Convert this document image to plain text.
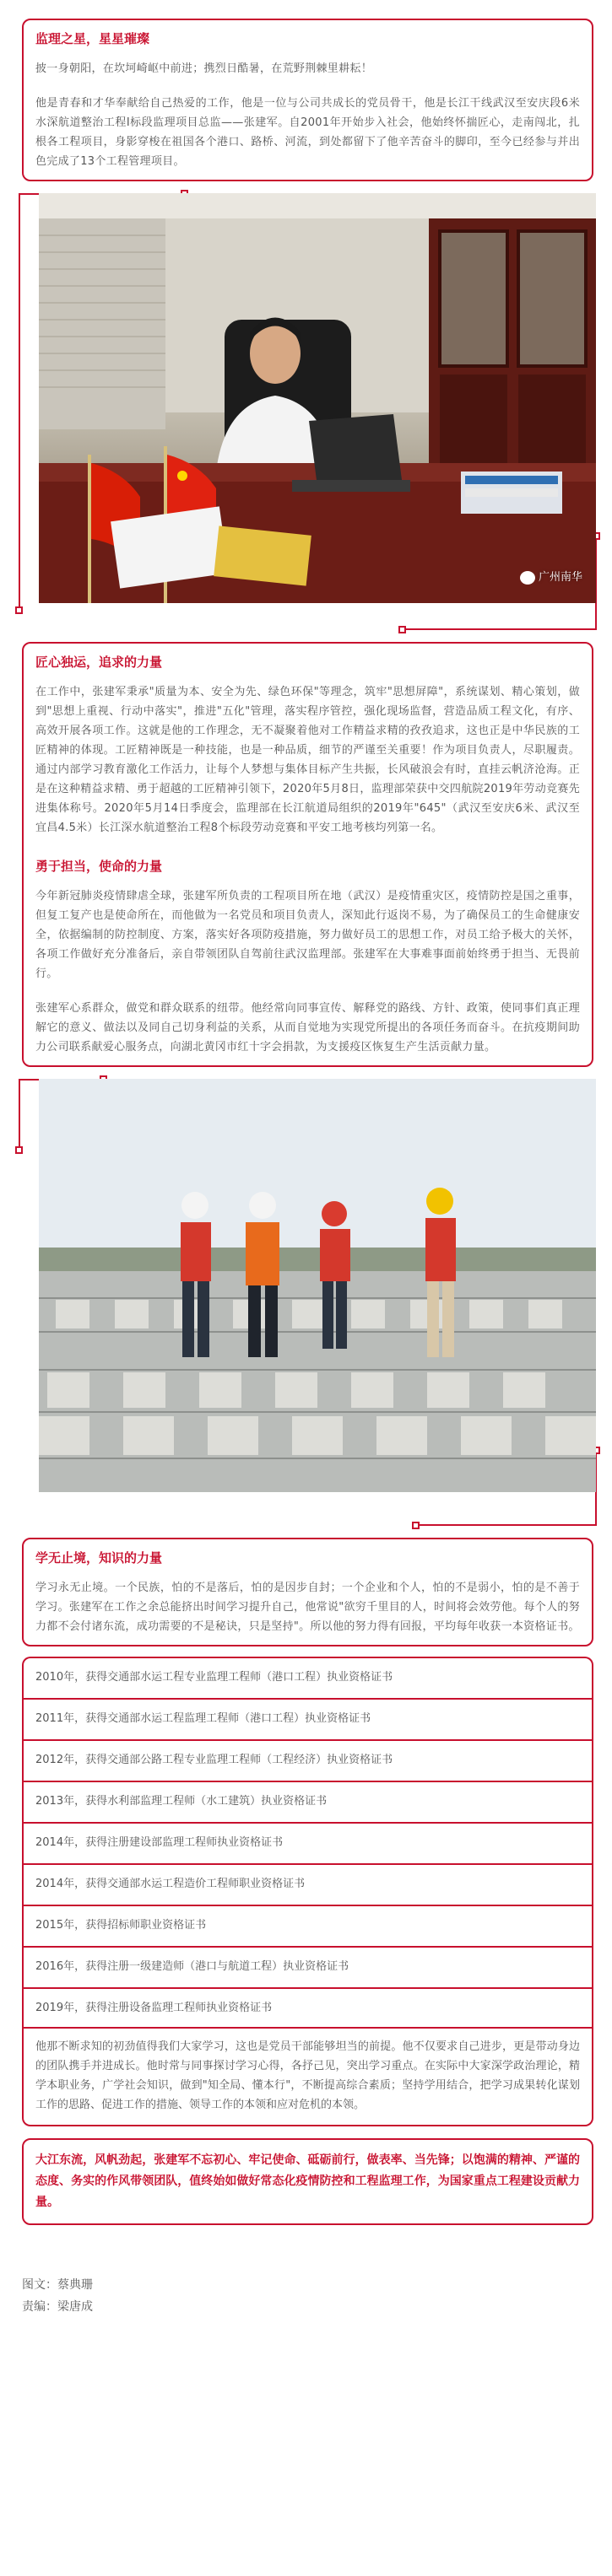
监理之星，星星璀璨

披一身朝阳，在坎坷崎岖中前进；携烈日酷暑，在荒野荆棘里耕耘！

他是青春和才华奉献给自己热爱的工作，他是一位与公司共成长的党员骨干，他是长江干线武汉至安庆段6米水深航道整治工程Ⅰ标段监理项目总监——张建军。自2001年开始步入社会，他始终怀揣匠心，走南闯北，扎根各工程项目，身影穿梭在祖国各个港口、路桥、河流，到处都留下了他辛苦奋斗的脚印，至今已经参与并出色完成了13个工程管理项目。

广州南华
匠心独运，追求的力量

在工作中，张建军秉承"质量为本、安全为先、绿色环保"等理念，筑牢"思想屏障"，系统谋划、精心策划，做到"思想上重视、行动中落实"，推进"五化"管理，落实程序管控，强化现场监督，营造品质工程文化，有序、高效开展各项工作。这就是他的工作理念，无不凝聚着他对工作精益求精的孜孜追求，这也正是中华民族的工匠精神的体现。工匠精神既是一种技能，也是一种品质，细节的严谨至关重要！作为项目负责人，尽职履责。通过内部学习教育激化工作活力，让每个人梦想与集体目标产生共振，长风破浪会有时，直挂云帆济沧海。正是在这种精益求精、勇于超越的工匠精神引领下，2020年5月8日，监理部荣获中交四航院2019年劳动竞赛先进集体称号。2020年5月14日季度会，监理部在长江航道局组织的2019年"645"（武汉至安庆6米、武汉至宜昌4.5米）长江深水航道整治工程8个标段劳动竞赛和平安工地考核均列第一名。

勇于担当，使命的力量

今年新冠肺炎疫情肆虐全球，张建军所负责的工程项目所在地（武汉）是疫情重灾区，疫情防控是国之重事，但复工复产也是使命所在，而他做为一名党员和项目负责人，深知此行返岗不易，为了确保员工的生命健康安全，依据编制的防控制度、方案，落实好各项防疫措施，努力做好员工的思想工作，对员工给予极大的关怀，各项工作做好充分准备后，亲自带领团队自驾前往武汉监理部。张建军在大事难事面前始终勇于担当、无畏前行。

张建军心系群众，做党和群众联系的纽带。他经常向同事宣传、解释党的路线、方针、政策，使同事们真正理解它的意义、做法以及同自己切身利益的关系，从而自觉地为实现党所提出的各项任务而奋斗。在抗疫期间助力公司联系献爱心服务点，向湖北黄冈市红十字会捐款，为支援疫区恢复生产生活贡献力量。

学无止境，知识的力量

学习永无止境。一个民族，怕的不是落后，怕的是因步自封；一个企业和个人，怕的不是弱小，怕的是不善于学习。张建军在工作之余总能挤出时间学习提升自己，他常说"欲穷千里目的人，时间将会效劳他。每个人的努力都不会付诸东流，成功需要的不是秘诀，只是坚持"。所以他的努力得有回报，平均每年收获一本资格证书。

2010年，获得交通部水运工程专业监理工程师（港口工程）执业资格证书
2011年，获得交通部水运工程监理工程师（港口工程）执业资格证书
2012年，获得交通部公路工程专业监理工程师（工程经济）执业资格证书
2013年，获得水利部监理工程师（水工建筑）执业资格证书
2014年，获得注册建设部监理工程师执业资格证书
2014年，获得交通部水运工程造价工程师职业资格证书
2015年，获得招标师职业资格证书
2016年，获得注册一级建造师（港口与航道工程）执业资格证书
2019年，获得注册设备监理工程师执业资格证书

他那不断求知的初劲值得我们大家学习，这也是党员干部能够坦当的前提。他不仅要求自己进步，更是带动身边的团队携手并进成长。他时常与同事探讨学习心得，各抒己见，突出学习重点。在实际中大家深学政治理论，精学本职业务，广学社会知识，做到"知全局、懂本行"，不断提高综合素质；坚持学用结合，把学习成果转化谋划工作的思路、促进工作的措施、领导工作的本领和应对危机的本领。

大江东流，风帆劲起，张建军不忘初心、牢记使命、砥砺前行，做表率、当先锋；以饱满的精神、严谨的态度、务实的作风带领团队，值终始如做好常态化疫情防控和工程监理工作，为国家重点工程建设贡献力量。

图文：蔡典珊
责编：梁唐成
